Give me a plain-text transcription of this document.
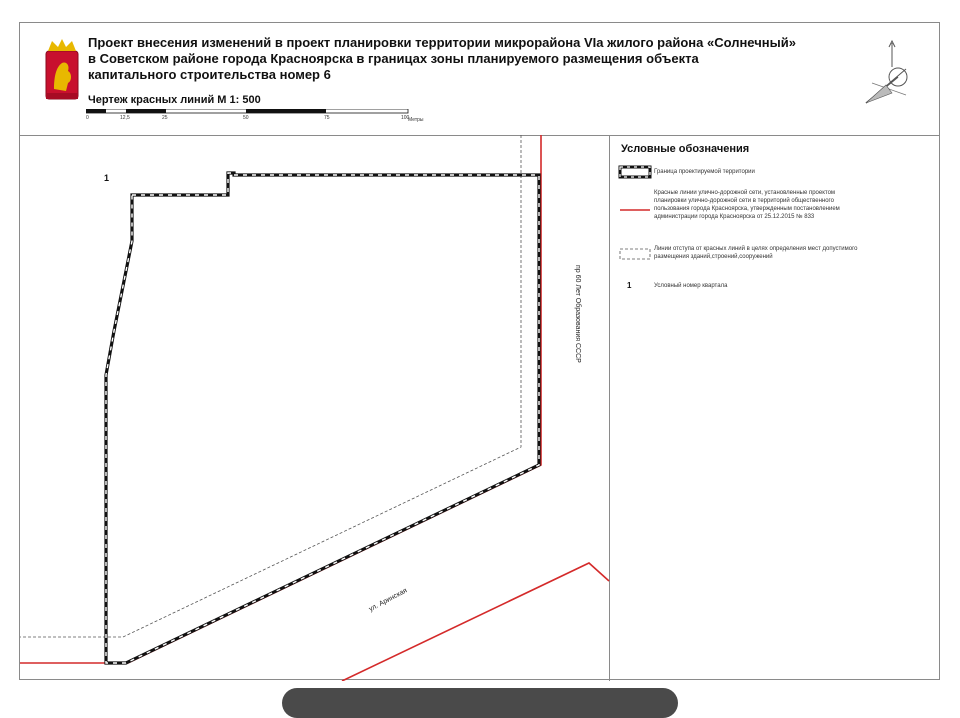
Проект внесения изменений в проект планировки территории микрорайона VIа жилого района «Солнечный»
в Советском районе города Красноярска в границах зоны планируемого размещения объекта
капитального строительства номер 6

Чертеж красных линий М 1: 500

0	12,5	25	50	75	100
Метры
1
пр 60 Лет Образования СССР
ул. Аринская

Условные обозначения

Граница проектируемой территории
Красные линии улично-дорожной сети, установленные проектом планировки улично-дорожной сети в территорий общественного пользования города Красноярска, утвержденным постановлением администрации города Красноярска от 25.12.2015 № 833
Линии отступа от красных линий в целях определения мест допустимого размещения зданий,строений,сооружений
1	Условный номер квартала
